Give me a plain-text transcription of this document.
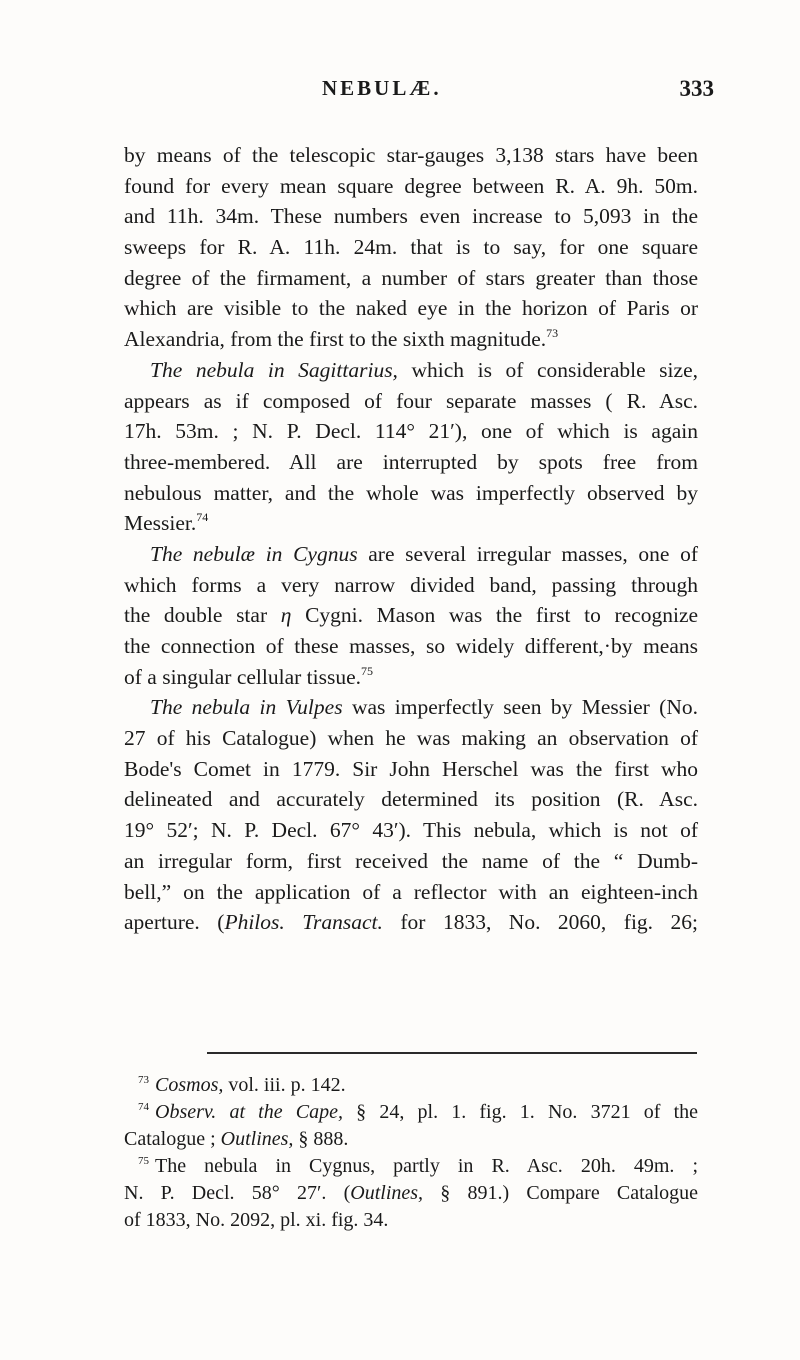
NEBULÆ.	333
by means of the telescopic star-gauges 3,138 stars have been
found for every mean square degree between R. A. 9h. 50m.
and 11h. 34m. These numbers even increase to 5,093 in the
sweeps for R. A. 11h. 24m. that is to say, for one square
degree of the firmament, a number of stars greater than those
which are visible to the naked eye in the horizon of Paris or
Alexandria, from the first to the sixth magnitude.$^{73}$
The nebula in Sagittarius, which is of considerable size,
appears as if composed of four separate masses ( R. Asc.
17h. 53m. ; N. P. Decl. 114° 21′), one of which is again
three-membered. All are interrupted by spots free from
nebulous matter, and the whole was imperfectly observed by
Messier.$^{74}$
The nebulæ in Cygnus are several irregular masses, one of
which forms a very narrow divided band, passing through
the double star η Cygni. Mason was the first to recognize
the connection of these masses, so widely different,·by means
of a singular cellular tissue.$^{75}$
The nebula in Vulpes was imperfectly seen by Messier (No.
27 of his Catalogue) when he was making an observation of
Bode's Comet in 1779. Sir John Herschel was the first who
delineated and accurately determined its position (R. Asc.
19° 52′; N. P. Decl. 67° 43′). This nebula, which is not of
an irregular form, first received the name of the “ Dumb-
bell,” on the application of a reflector with an eighteen-inch
aperture. (Philos. Transact. for 1833, No. 2060, fig. 26;
$^{73}$ Cosmos, vol. iii. p. 142.
$^{74}$ Observ. at the Cape, § 24, pl. 1. fig. 1. No. 3721 of the
Catalogue ; Outlines, § 888.
$^{75}$ The nebula in Cygnus, partly in R. Asc. 20h. 49m. ;
N. P. Decl. 58° 27′. (Outlines, § 891.) Compare Catalogue
of 1833, No. 2092, pl. xi. fig. 34.
